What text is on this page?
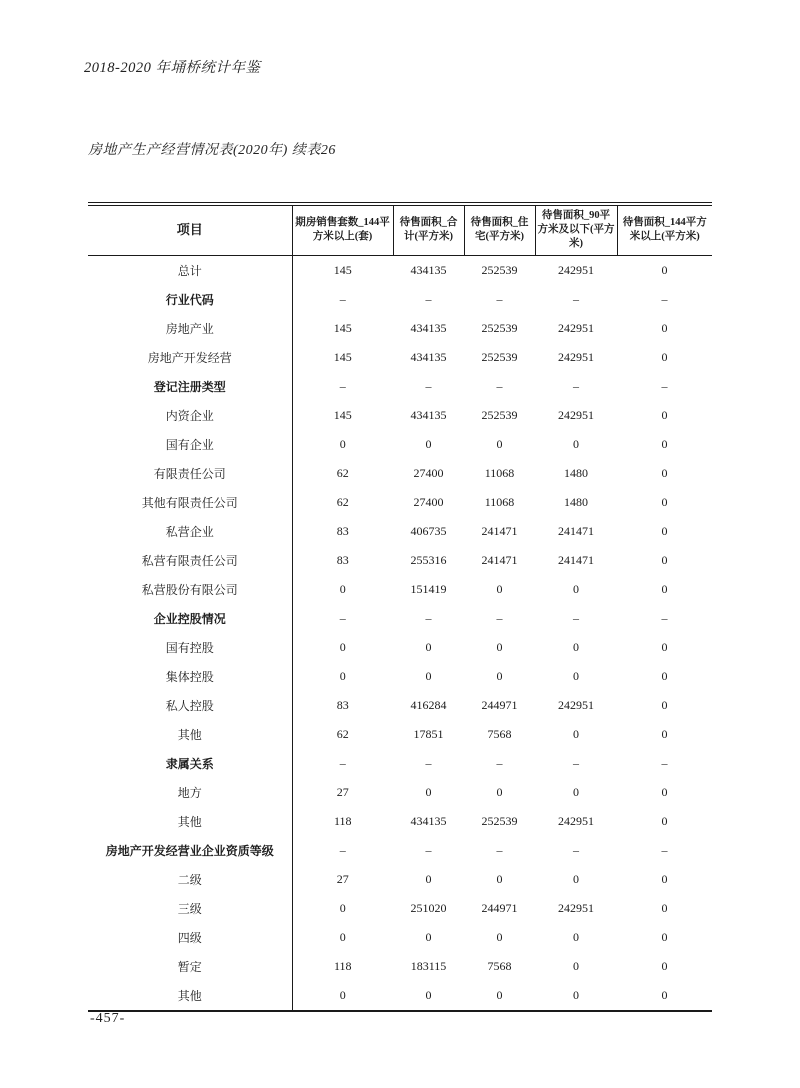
2018-2020 年埇桥统计年鉴
房地产生产经营情况表(2020年) 续表26
项目	期房销售套数_144平方米以上(套)	待售面积_合计(平方米)	待售面积_住宅(平方米)	待售面积_90平方米及以下(平方米)	待售面积_144平方米以上(平方米)
总计	145	434135	252539	242951	0
行业代码	–	–	–	–	–
房地产业	145	434135	252539	242951	0
房地产开发经营	145	434135	252539	242951	0
登记注册类型	–	–	–	–	–
内资企业	145	434135	252539	242951	0
国有企业	0	0	0	0	0
有限责任公司	62	27400	11068	1480	0
其他有限责任公司	62	27400	11068	1480	0
私营企业	83	406735	241471	241471	0
私营有限责任公司	83	255316	241471	241471	0
私营股份有限公司	0	151419	0	0	0
企业控股情况	–	–	–	–	–
国有控股	0	0	0	0	0
集体控股	0	0	0	0	0
私人控股	83	416284	244971	242951	0
其他	62	17851	7568	0	0
隶属关系	–	–	–	–	–
地方	27	0	0	0	0
其他	118	434135	252539	242951	0
房地产开发经营业企业资质等级	–	–	–	–	–
二级	27	0	0	0	0
三级	0	251020	244971	242951	0
四级	0	0	0	0	0
暂定	118	183115	7568	0	0
其他	0	0	0	0	0
-457-
